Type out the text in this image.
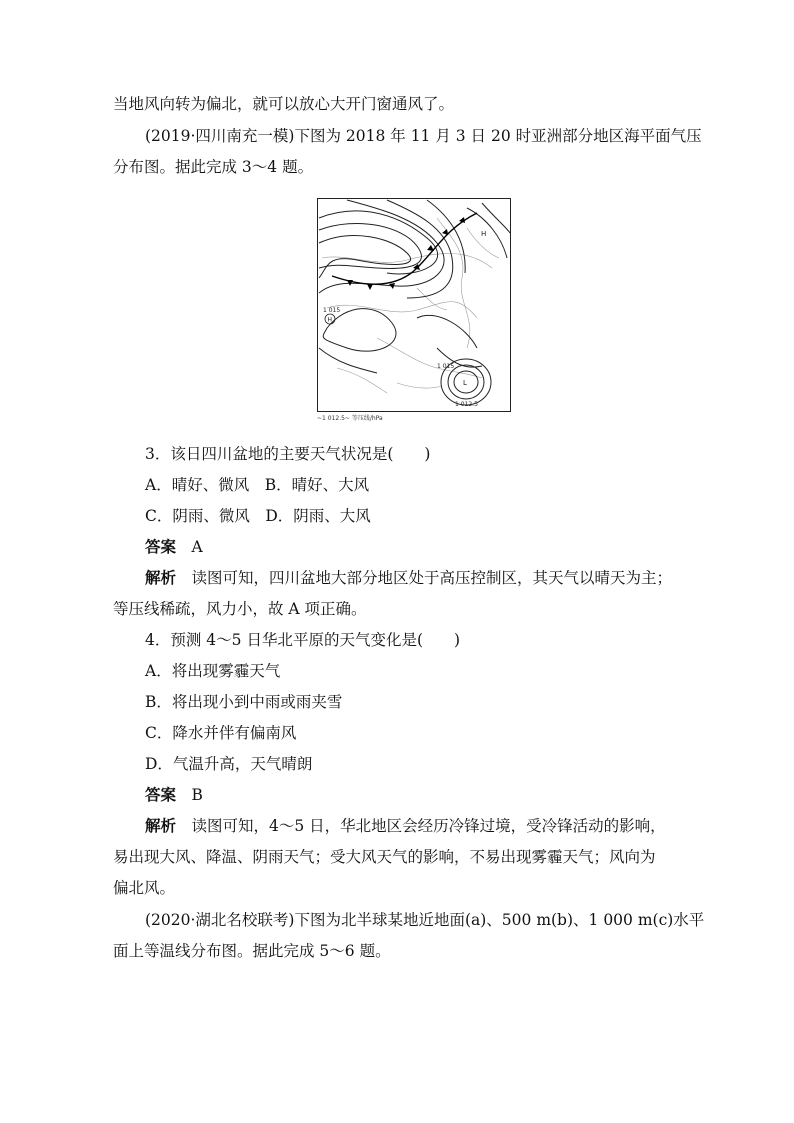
当地风向转为偏北，就可以放心大开门窗通风了。
(2019·四川南充一模)下图为 2018 年 11 月 3 日 20 时亚洲部分地区海平面气压
分布图。据此完成 3～4 题。
H
1 015
H
1 015
L
1 012.5
~1 012.5~ 等压线/hPa
3．该日四川盆地的主要天气状况是(　　)
A．晴好、微风　B．晴好、大风
C．阴雨、微风　D．阴雨、大风
答案　 A
解析　 读图可知，四川盆地大部分地区处于高压控制区，其天气以晴天为主；
等压线稀疏，风力小，故 A 项正确。
4．预测 4～5 日华北平原的天气变化是(　　)
A．将出现雾霾天气
B．将出现小到中雨或雨夹雪
C．降水并伴有偏南风
D．气温升高，天气晴朗
答案　 B
解析　 读图可知，4～5 日，华北地区会经历冷锋过境，受冷锋活动的影响，
易出现大风、降温、阴雨天气；受大风天气的影响，不易出现雾霾天气；风向为
偏北风。
(2020·湖北名校联考)下图为北半球某地近地面(a)、500 m(b)、1 000 m(c)水平
面上等温线分布图。据此完成 5～6 题。
